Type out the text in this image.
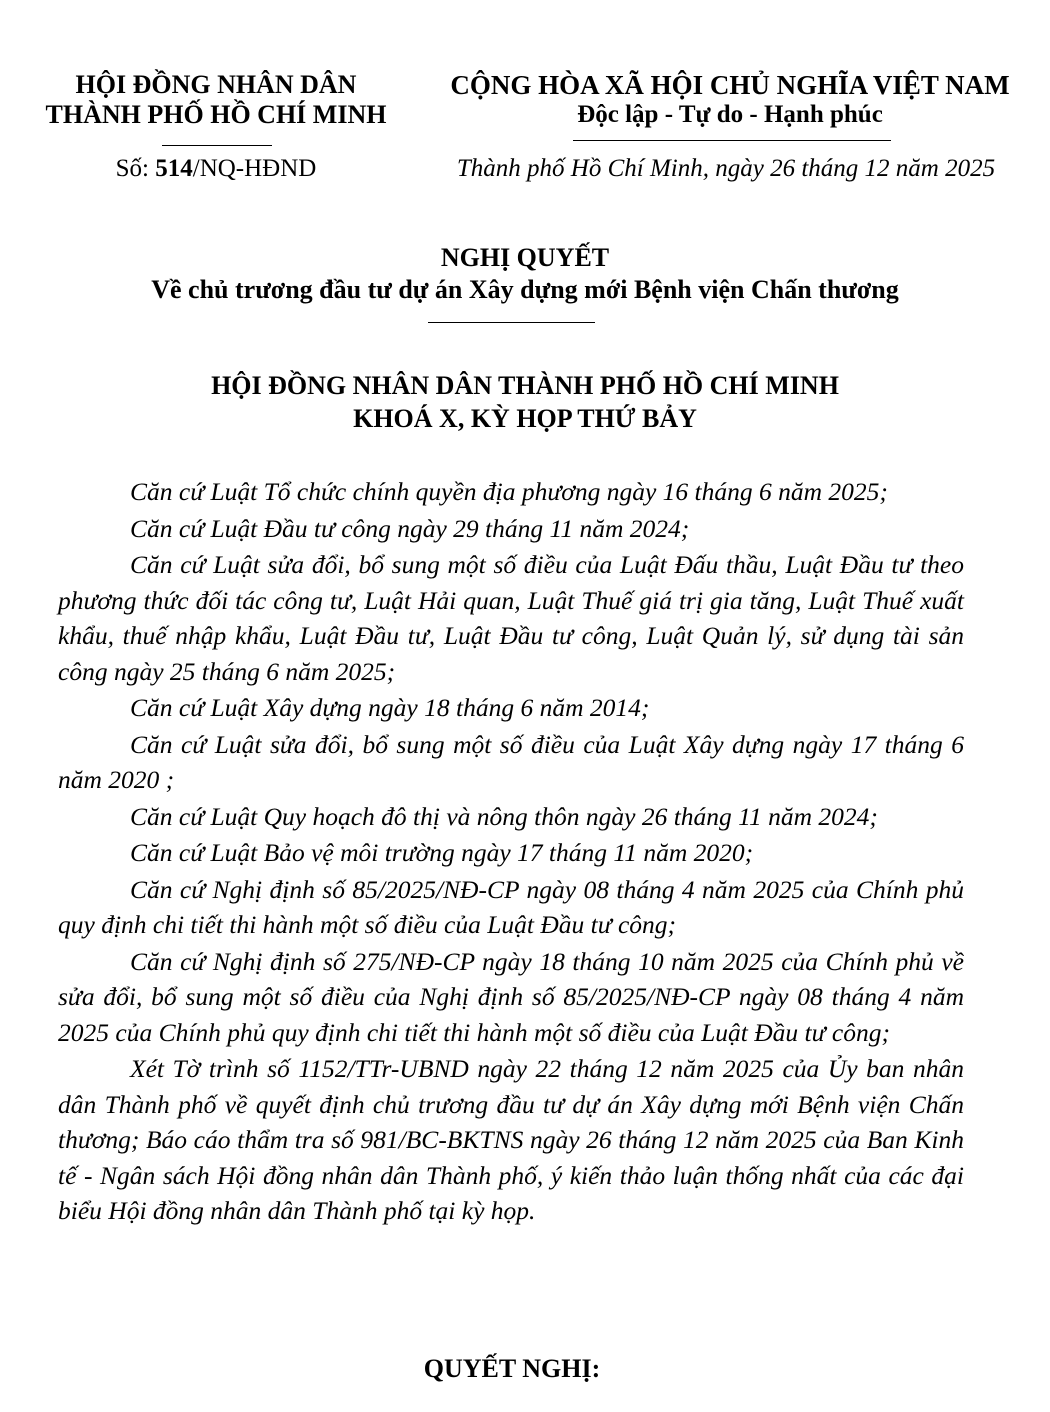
HỘI ĐỒNG NHÂN DÂN
THÀNH PHỐ HỒ CHÍ MINH
CỘNG HÒA XÃ HỘI CHỦ NGHĨA VIỆT NAM
Độc lập - Tự do - Hạnh phúc
Số: 514/NQ-HĐND	Thành phố Hồ Chí Minh, ngày 26 tháng 12 năm 2025
NGHỊ QUYẾT
Về chủ trương đầu tư dự án Xây dựng mới Bệnh viện Chấn thương
HỘI ĐỒNG NHÂN DÂN THÀNH PHỐ HỒ CHÍ MINH
KHOÁ X, KỲ HỌP THỨ BẢY

Căn cứ Luật Tổ chức chính quyền địa phương ngày 16 tháng 6 năm 2025;

Căn cứ Luật Đầu tư công ngày 29 tháng 11 năm 2024;

Căn cứ Luật sửa đổi, bổ sung một số điều của Luật Đấu thầu, Luật Đầu tư theo phương thức đối tác công tư, Luật Hải quan, Luật Thuế giá trị gia tăng, Luật Thuế xuất khẩu, thuế nhập khẩu, Luật Đầu tư, Luật Đầu tư công, Luật Quản lý, sử dụng tài sản công ngày 25 tháng 6 năm 2025;

Căn cứ Luật Xây dựng ngày 18 tháng 6 năm 2014;

Căn cứ Luật sửa đổi, bổ sung một số điều của Luật Xây dựng ngày 17 tháng 6 năm 2020 ;

Căn cứ Luật Quy hoạch đô thị và nông thôn ngày 26 tháng 11 năm 2024;

Căn cứ Luật Bảo vệ môi trường ngày 17 tháng 11 năm 2020;

Căn cứ Nghị định số 85/2025/NĐ-CP ngày 08 tháng 4 năm 2025 của Chính phủ quy định chi tiết thi hành một số điều của Luật Đầu tư công;

Căn cứ Nghị định số 275/NĐ-CP ngày 18 tháng 10 năm 2025 của Chính phủ về sửa đổi, bổ sung một số điều của Nghị định số 85/2025/NĐ-CP ngày 08 tháng 4 năm 2025 của Chính phủ quy định chi tiết thi hành một số điều của Luật Đầu tư công;

Xét Tờ trình số 1152/TTr-UBND ngày 22 tháng 12 năm 2025 của Ủy ban nhân dân Thành phố về quyết định chủ trương đầu tư dự án Xây dựng mới Bệnh viện Chấn thương; Báo cáo thẩm tra số 981/BC-BKTNS ngày 26 tháng 12 năm 2025 của Ban Kinh tế - Ngân sách Hội đồng nhân dân Thành phố, ý kiến thảo luận thống nhất của các đại biểu Hội đồng nhân dân Thành phố tại kỳ họp.

QUYẾT NGHỊ:
